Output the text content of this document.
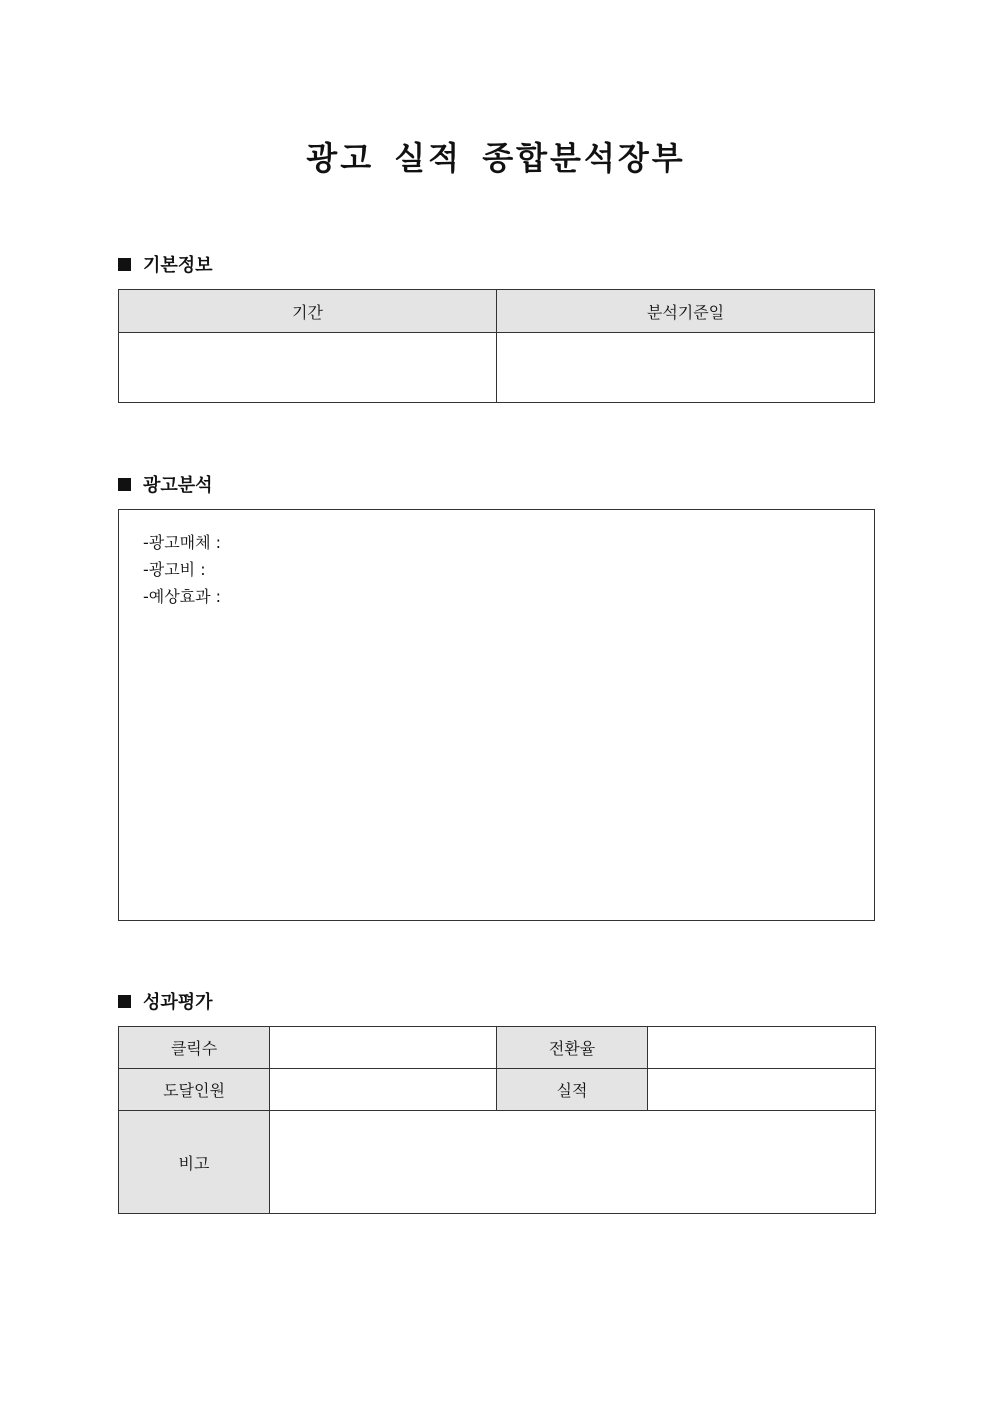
광고 실적 종합분석장부
기본정보
기간	분석기준일

광고분석
-광고매체 :
-광고비 :
-예상효과 :
성과평가
클릭수		전환율	
도달인원		실적	
비고			
